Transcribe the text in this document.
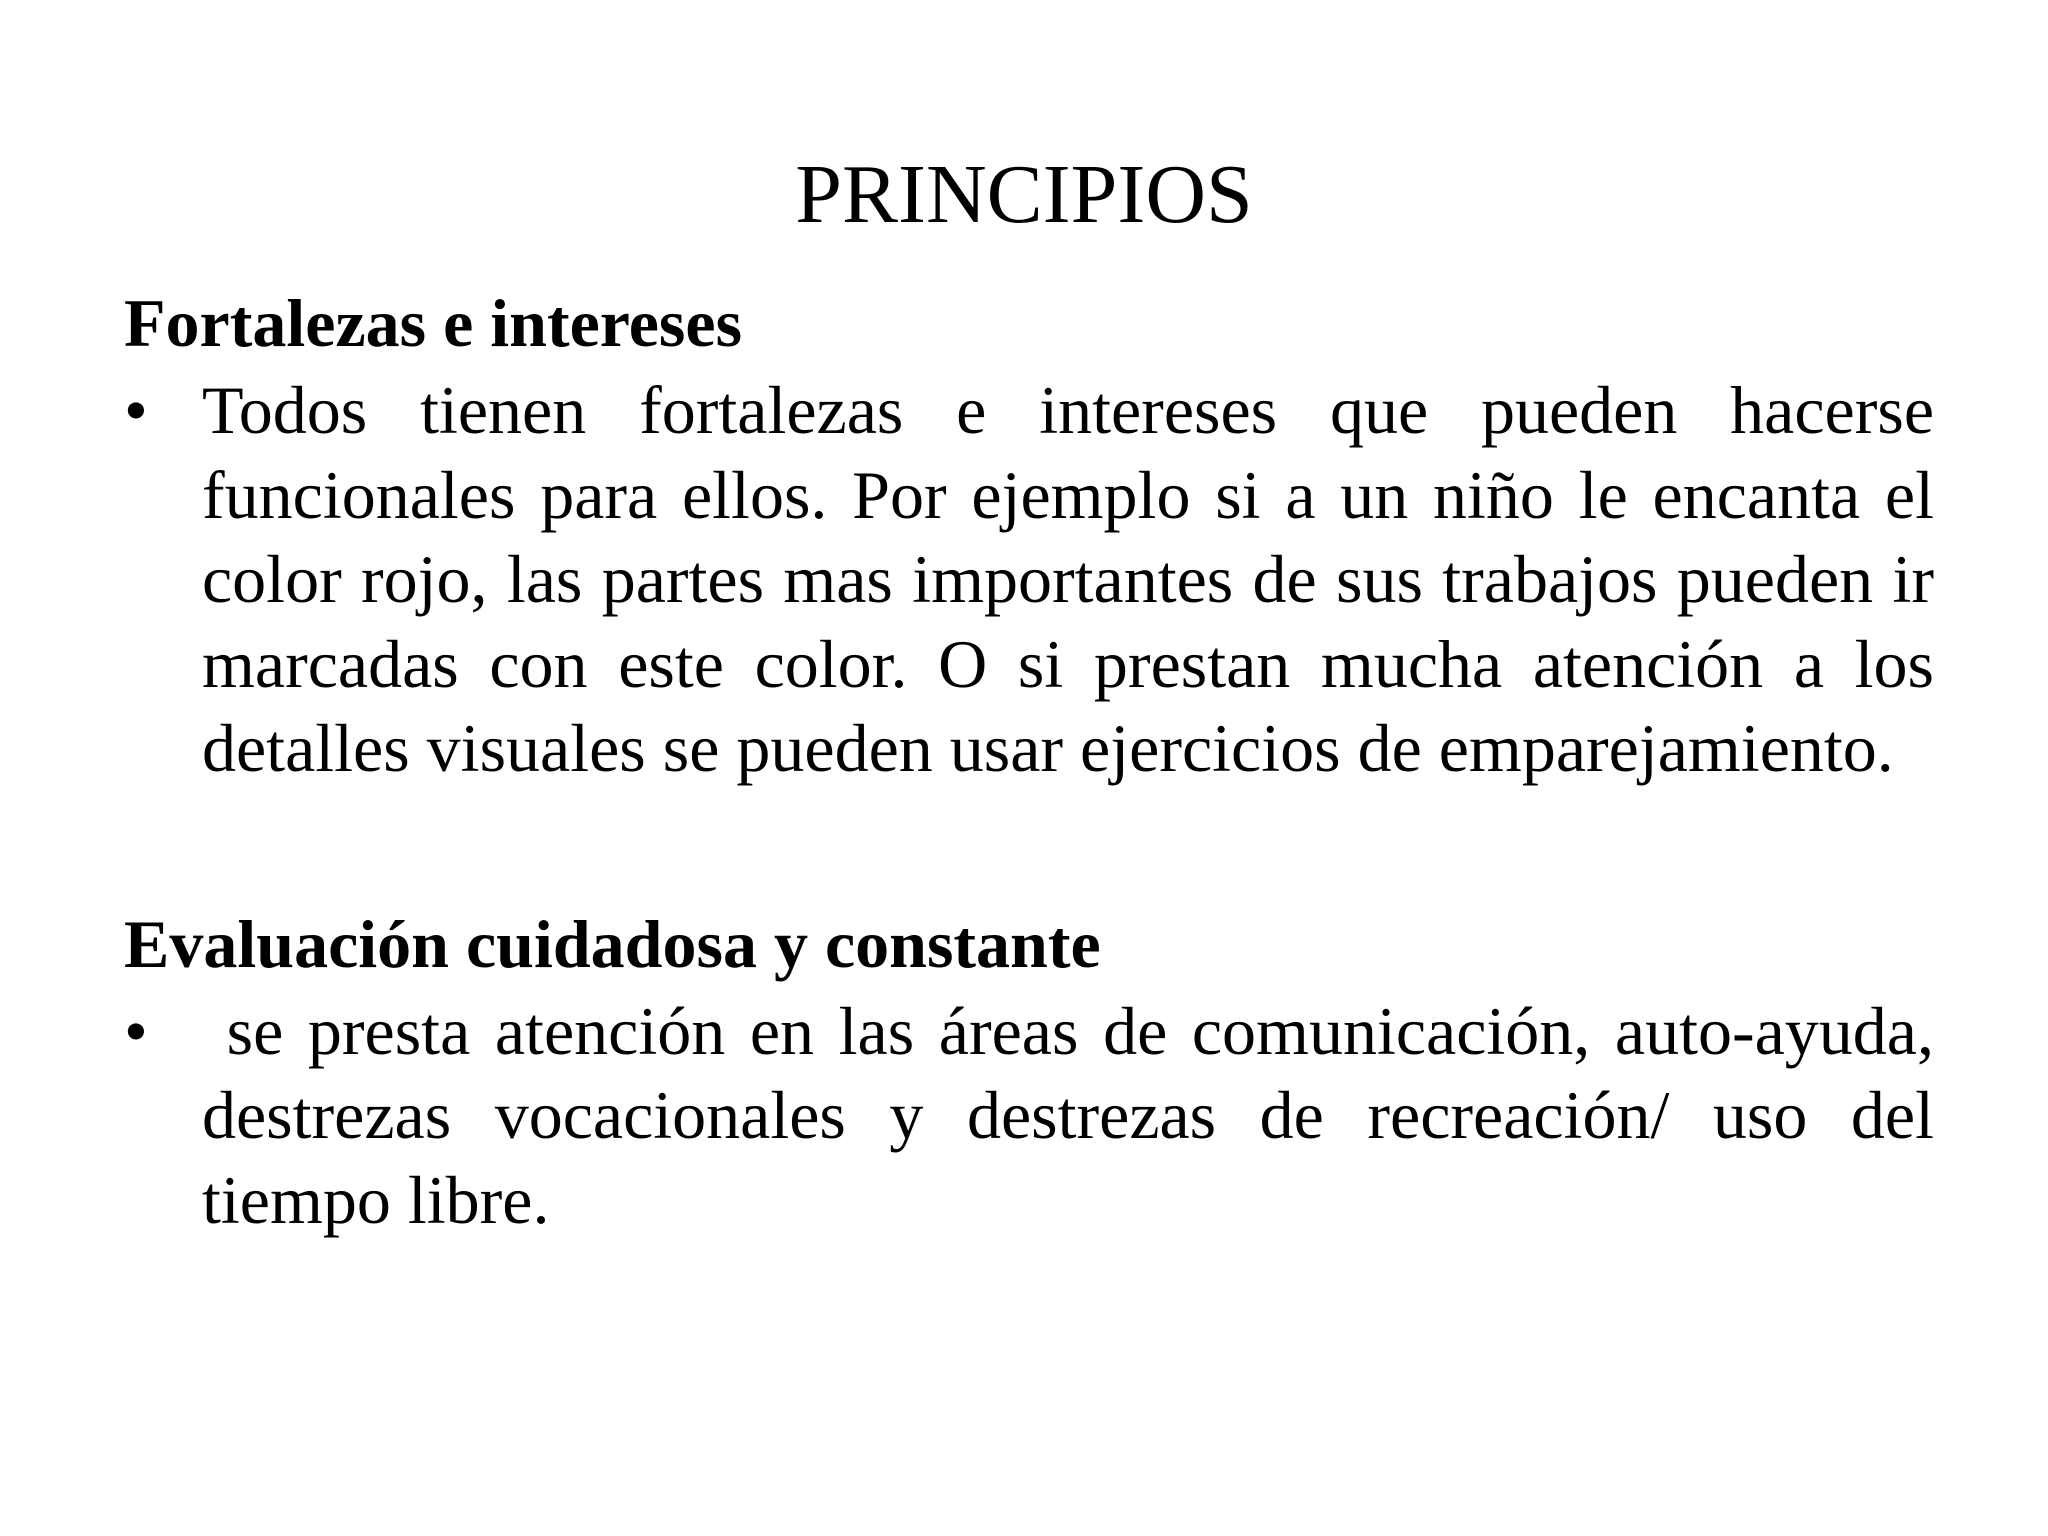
PRINCIPIOS
Fortalezas e intereses
• Todos tienen fortalezas e intereses que pueden hacerse funcionales para ellos. Por ejemplo si a un niño le encanta el color rojo, las partes mas importantes de sus trabajos pueden ir marcadas con este color. O si prestan mucha atención a los detalles visuales se pueden usar ejercicios de emparejamiento.
Evaluación cuidadosa y constante
• se presta atención en las áreas de comunicación, auto-ayuda, destrezas vocacionales y destrezas de recreación/ uso del tiempo libre.
